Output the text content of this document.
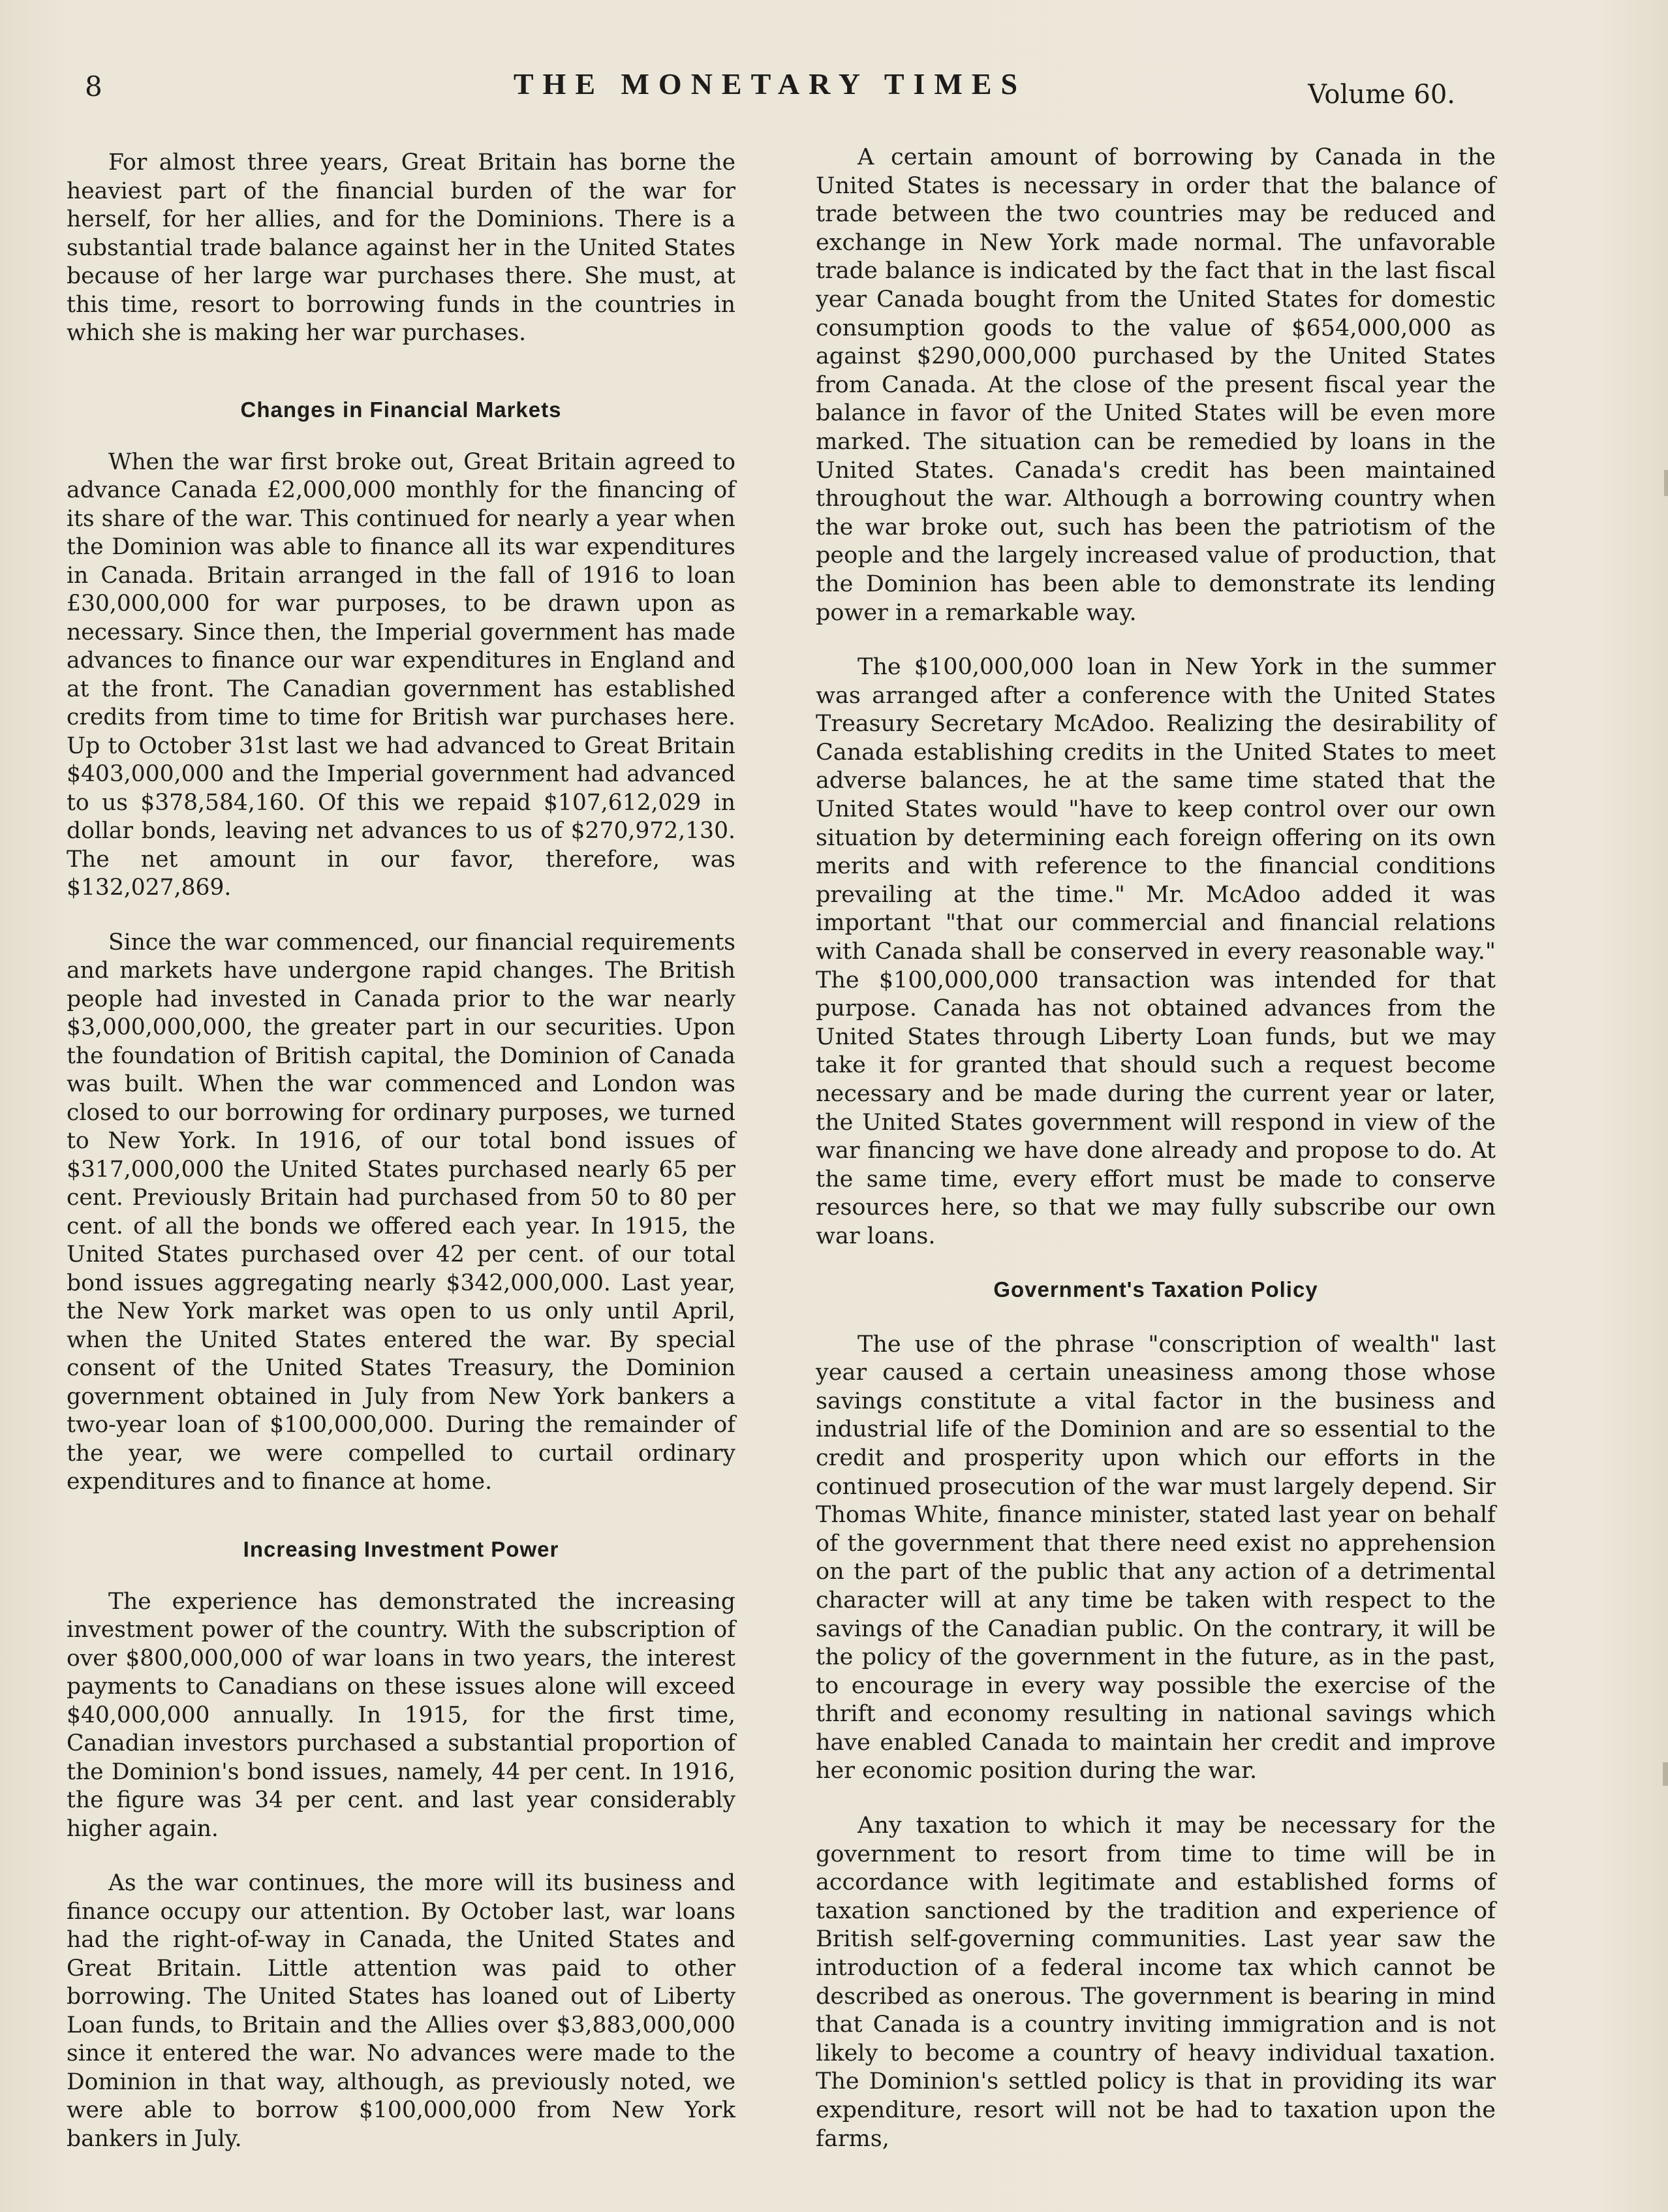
8	THE MONETARY TIMES	Volume 60.

For almost three years, Great Britain has borne the heaviest part of the financial burden of the war for herself, for her allies, and for the Dominions. There is a substantial trade balance against her in the United States because of her large war purchases there. She must, at this time, resort to borrowing funds in the countries in which she is making her war purchases.

Changes in Financial Markets

When the war first broke out, Great Britain agreed to advance Canada £2,000,000 monthly for the financing of its share of the war. This continued for nearly a year when the Dominion was able to finance all its war expenditures in Canada. Britain arranged in the fall of 1916 to loan £30,000,000 for war purposes, to be drawn upon as necessary. Since then, the Imperial government has made advances to finance our war expenditures in England and at the front. The Canadian government has established credits from time to time for British war purchases here. Up to October 31st last we had advanced to Great Britain $403,000,000 and the Imperial government had advanced to us $378,584,160. Of this we repaid $107,612,029 in dollar bonds, leaving net advances to us of $270,972,130. The net amount in our favor, therefore, was $132,027,869.

Since the war commenced, our financial requirements and markets have undergone rapid changes. The British people had invested in Canada prior to the war nearly $3,000,000,000, the greater part in our securities. Upon the foundation of British capital, the Dominion of Canada was built. When the war commenced and London was closed to our borrowing for ordinary purposes, we turned to New York. In 1916, of our total bond issues of $317,000,000 the United States purchased nearly 65 per cent. Previously Britain had purchased from 50 to 80 per cent. of all the bonds we offered each year. In 1915, the United States purchased over 42 per cent. of our total bond issues aggregating nearly $342,000,000. Last year, the New York market was open to us only until April, when the United States entered the war. By special consent of the United States Treasury, the Dominion government obtained in July from New York bankers a two-year loan of $100,000,000. During the remainder of the year, we were compelled to curtail ordinary expenditures and to finance at home.

Increasing Investment Power

The experience has demonstrated the increasing investment power of the country. With the subscription of over $800,000,000 of war loans in two years, the interest payments to Canadians on these issues alone will exceed $40,000,000 annually. In 1915, for the first time, Canadian investors purchased a substantial proportion of the Dominion's bond issues, namely, 44 per cent. In 1916, the figure was 34 per cent. and last year considerably higher again.

As the war continues, the more will its business and finance occupy our attention. By October last, war loans had the right-of-way in Canada, the United States and Great Britain. Little attention was paid to other borrowing. The United States has loaned out of Liberty Loan funds, to Britain and the Allies over $3,883,000,000 since it entered the war. No advances were made to the Dominion in that way, although, as previously noted, we were able to borrow $100,000,000 from New York bankers in July.

A certain amount of borrowing by Canada in the United States is necessary in order that the balance of trade between the two countries may be reduced and exchange in New York made normal. The unfavorable trade balance is indicated by the fact that in the last fiscal year Canada bought from the United States for domestic consumption goods to the value of $654,000,000 as against $290,000,000 purchased by the United States from Canada. At the close of the present fiscal year the balance in favor of the United States will be even more marked. The situation can be remedied by loans in the United States. Canada's credit has been maintained throughout the war. Although a borrowing country when the war broke out, such has been the patriotism of the people and the largely increased value of production, that the Dominion has been able to demonstrate its lending power in a remarkable way.

The $100,000,000 loan in New York in the summer was arranged after a conference with the United States Treasury Secretary McAdoo. Realizing the desirability of Canada establishing credits in the United States to meet adverse balances, he at the same time stated that the United States would "have to keep control over our own situation by determining each foreign offering on its own merits and with reference to the financial conditions prevailing at the time." Mr. McAdoo added it was important "that our commercial and financial relations with Canada shall be conserved in every reasonable way." The $100,000,000 transaction was intended for that purpose. Canada has not obtained advances from the United States through Liberty Loan funds, but we may take it for granted that should such a request become necessary and be made during the current year or later, the United States government will respond in view of the war financing we have done already and propose to do. At the same time, every effort must be made to conserve resources here, so that we may fully subscribe our own war loans.

Government's Taxation Policy

The use of the phrase "conscription of wealth" last year caused a certain uneasiness among those whose savings constitute a vital factor in the business and industrial life of the Dominion and are so essential to the credit and prosperity upon which our efforts in the continued prosecution of the war must largely depend. Sir Thomas White, finance minister, stated last year on behalf of the government that there need exist no apprehension on the part of the public that any action of a detrimental character will at any time be taken with respect to the savings of the Canadian public. On the contrary, it will be the policy of the government in the future, as in the past, to encourage in every way possible the exercise of the thrift and economy resulting in national savings which have enabled Canada to maintain her credit and improve her economic position during the war.

Any taxation to which it may be necessary for the government to resort from time to time will be in accordance with legitimate and established forms of taxation sanctioned by the tradition and experience of British self-governing communities. Last year saw the introduction of a federal income tax which cannot be described as onerous. The government is bearing in mind that Canada is a country inviting immigration and is not likely to become a country of heavy individual taxation. The Dominion's settled policy is that in providing its war expenditure, resort will not be had to taxation upon the farms,
